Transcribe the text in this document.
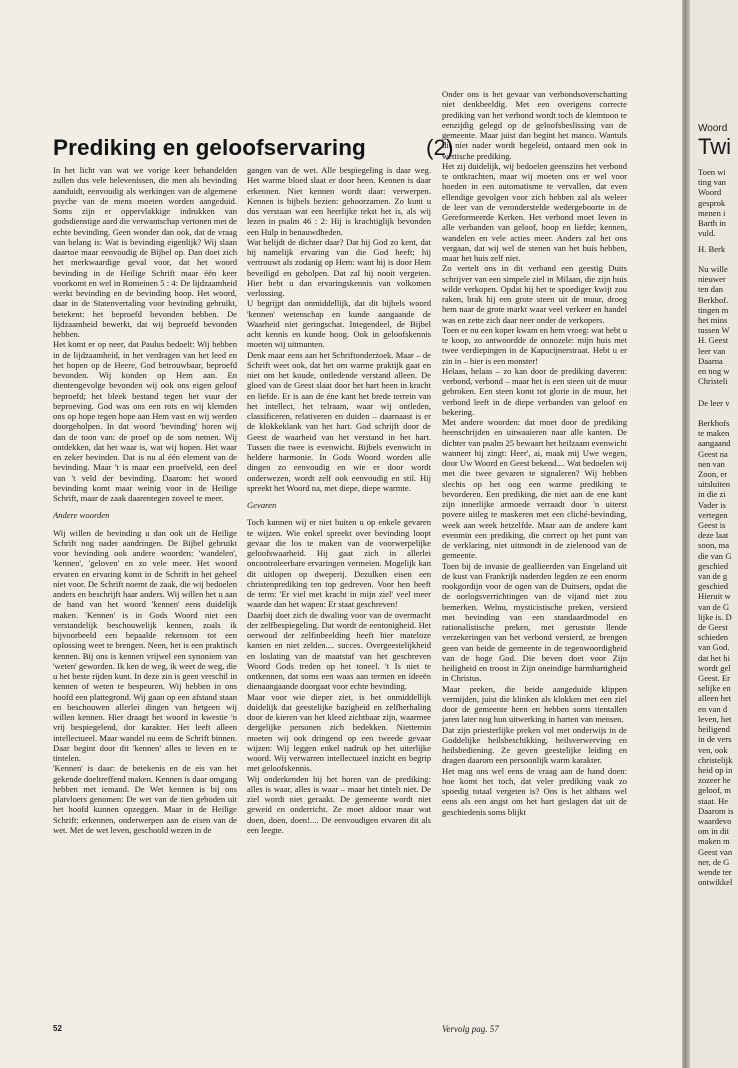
Prediking en geloofservaring	(2)

In het licht van wat we vorige keer behandelden zullen dus vele belevenissen, die men als bevinding aanduidt, eenvoudig als werkingen van de algemene psyche van de mens moeten worden aangeduid. Soms zijn er oppervlakkige indrukken van godsdienstige aard die verwantschap vertonen met de echte bevinding. Geen wonder dan ook, dat de vraag van belang is: Wat is bevinding eigenlijk? Wij slaan daartoe maar eenvoudig de Bijbel op. Dan doet zich het merkwaardige geval voor, dat het woord bevinding in de Heilige Schrift maar één keer voorkomt en wel in Romeinen 5 : 4: De lijdzaamheid werkt bevinding en de bevinding hoop. Het woord, daar in de Statenvertaling voor bevinding gebruikt, betekent: het beproefd bevonden hebben. De lijdzaamheid bewerkt, dat wij beproefd bevonden hebben.

Het komt er op neer, dat Paulus bedoelt: Wij hebben in de lijdzaamheid, in het verdragen van het leed en het hopen op de Heere, God betrouwbaar, beproefd bevonden. Wij konden op Hem aan. En dientengevolge bevonden wij ook ons eigen geloof beproefd; het bleek bestand tegen het vuur der beproeving. God was ons een rots en wij klemden ons op hope tegen hope aan Hem vast en wij werden doorgeholpen. In dat woord 'bevinding' horen wij dan de toon van: de proef op de som nemen. Wij ontdekken, dat het waar is, wat wij hopen. Het waar en zeker bevinden. Dat is nu al één element van de bevinding. Maar 't is maar een proefveld, een deel van 't veld der bevinding. Daarom: het woord bevinding komt maar weinig voor in de Heilige Schrift, maar de zaak daarentegen zoveel te meer.

Andere woorden

Wij willen de bevinding u dan ook uit de Heilige Schrift nog nader aandringen. De Bijbel gebruikt voor bevinding ook andere woorden: 'wandelen', 'kennen', 'geloven' en zo vele meer. Het woord ervaren en ervaring komt in de Schrift in het geheel niet voor. De Schrift noemt de zaak, die wij bedoelen anders en beschrijft haar anders. Wij willen het u aan de hand van het woord 'kennen' eens duidelijk maken. 'Kennen' is in Gods Woord niet een verstandelijk beschouwelijk kennen, zoals ik bijvoorbeeld een bepaalde rekensom tot een oplossing weet te brengen. Neen, het is een praktisch kennen. Bij ons is kennen vrijwel een synoniem van 'weten' geworden. Ik ken de weg, ik weet de weg, die u het beste rijden kunt. In deze zin is geen verschil in kennen of weten te bespeuren. Wij hebben in ons hoofd een plattegrond. Wij gaan op een afstand staan en beschouwen allerlei dingen van hetgeen wij willen kennen. Hier draagt het woord in kwestie 'n vrij bespiegelend, dor karakter. Het leeft alleen intellectueel. Maar wandel nu eens de Schrift binnen. Daar begint door dit 'kennen' alles te leven en te tintelen.

'Kennen' is daar: de betekenis en de eis van het gekende doeltreffend maken. Kennen is daar omgang hebben met iemand. De Wet kennen is bij ons platvloers genomen: De wet van de tien geboden uit het hoofd kunnen opzeggen. Maar in de Heilige Schrift: erkennen, onderwerpen aan de eisen van de wet. Met de wet leven, geschoold wezen in de

gangen van de wet. Alle bespiegeling is daar weg. Het warme bloed slaat er door heen. Kennen is daar erkennen. Niet kennen wordt daar: verwerpen. Kennen is bijbels bezien: gehoorzamen. Zo kunt u dus verstaan wat een heerlijke tekst het is, als wij lezen in psalm 46 : 2: Hij is krachtiglijk bevonden een Hulp in benauwdheden.

Wat belijdt de dichter daar? Dat hij God zo kent, dat hij namelijk ervaring van die God heeft; hij vertrouwt als zodanig op Hem: want hij is door Hem beveiligd en geholpen. Dat zal hij nooit vergeten. Hier hebt u dan ervaringskennis van volkomen verlossing.

U begrijpt dan onmiddellijk, dat dit bijbels woord 'kennen' wetenschap en kunde aangaande de Waarheid niet geringschat. Integendeel, de Bijbel acht kennis en kunde hoog. Ook in geloofskennis moeten wij uitmunten.

Denk maar eens aan het Schriftonderzoek. Maar – de Schrift weet ook, dat het om warme praktijk gaat en niet om het koude, ontledende verstand alleen. De gloed van de Geest slaat door het hart heen in kracht en liefde. Er is aan de éne kant het brede terrein van het intellect, het telraam, waar wij ontleden, classificeren, relativeren en duiden – daarnaast is er de klokkeklank van het hart. God schrijft door de Geest de waarheid van het verstand in het hart. Tussen die twee is evenwicht. Bijbels evenwicht in heldere harmonie. In Gods Woord worden alle dingen zo eenvoudig en wie er door wordt onderwezen, wordt zelf ook eenvoudig en stil. Hij spreekt het Woord na, met diepe, diepe warmte.

Gevaren

Toch kunnen wij er niet buiten u op enkele gevaren te wijzen. Wie enkel spreekt over bevinding loopt gevaar die los te maken van de voorwerpelijke geloofswaarheid. Hij gaat zich in allerlei oncontroleerbare ervaringen vermeien. Mogelijk kan dit uitlopen op dweperij. Dezulken eisen een christenprediking ten top gedreven. Voor hen heeft de term: 'Er viel met kracht in mijn ziel' veel meer waarde dan het wapen: Er staat geschreven!

Daarbij doet zich de dwaling voor van de overmacht der zelfbespiegeling. Dat wordt de eentonigheid. Het oerwoud der zelfinbeelding heeft hier mateloze kansen en niet zelden.... succes. Overgeestelijkheid en loslating van de maatstaf van het geschreven Woord Gods treden op het toneel. 't Is niet te ontkennen, dat soms een waas aan termen en ideeën dienaangaande doorgaat voor echte bevinding.

Maar voor wie dieper ziet, is het onmiddellijk duidelijk dat geestelijke bazigheid en zelfherhaling door de kieren van het kleed zichtbaar zijn, waarmee dergelijke personen zich bedekken. Niettemin moeten wij ook dringend op een tweede gevaar wijzen: Wij leggen enkel nadruk op het uiterlijke woord. Wij verwarren intellectueel inzicht en begrip met geloofskennis.

Wij onderkenden bij het horen van de prediking: alles is waar, alles is waar – maar het tintelt niet. De ziel wordt niet geraakt. De gemeente wordt niet geweid en onderricht. Ze moet aldoor maar wat doen, doen, doen!.... De eenvoudigen ervaren dit als een leegte.

Onder ons is het gevaar van verbondsoverschatting niet denkbeeldig. Met een overigens correcte prediking van het verbond wordt toch de klemtoon te eenzijdig gelegd op de geloofsbeslissing van de gemeente. Maar juist dan begint het manco. Wantuls dit niet nader wordt begeleid, ontaard men ook in wettische prediking.

Het zij duidelijk, wij bedoelen geenszins het verbond te ontkrachten, maar wij moeten ons er wel voor hoeden in een automatisme te vervallen, dat even ellendige gevolgen voor zich hebben zal als weleer de leer van de veronderstelde wedergeboorte in de Gereformeerde Kerken. Het verbond moet leven in alle verbanden van geloof, hoop en liefde; kennen, wandelen en vele acties meer. Anders zal het ons vergaan, dat wij wel de stenen van het huis hebben, maar het huis zelf niet.

Zo vertelt ons in dit verband een geestig Duits schrijver van een simpele ziel in Milaan, die zijn huis wilde verkopen. Opdat hij het te spoediger kwijt zou raken, brak hij een grote steen uit de muur, droeg hem naar de grote markt waar veel verkeer en handel was en zette zich daar neer onder de verkopers.

Toen er nu een koper kwam en hem vroeg: wat hebt u te koop, zo antwoordde de onnozele: mijn huis met twee verdiepingen in de Kapucijnerstraat. Hebt u er zin in – hier is een monster!

Helaas, helaas – zo kan door de prediking daveren: verbond, verbond – maar het is een steen uit de muur gebroken. Een steen komt tot glorie in de muur, het verbond leeft in de diepe verbanden van geloof en bekering.

Met andere woorden: dat moet door de prediking heenschrijden en uitwaaieren naar alle kanten. De dichter van psalm 25 bewaart het heilzaam evenwicht wanneer hij zingt: Heer', ai, maak mij Uwe wegen, door Uw Woord en Geest bekend.... Wat bedoelen wij met die twee gevaren te signaleren? Wij hebben slechts op het oog een warme prediking te bevorderen. Een prediking, die niet aan de ene kant zijn innerlijke armoede verraadt door 'n uiterst povere uitleg te maskeren met een cliché-bevinding, week aan week hetzelfde. Maar aan de andere kant evenmin een prediking, die correct op het punt van de verklaring, niet uitmondt in de zielenood van de gemeente.

Toen bij de invasie de geallieerden van Engeland uit de kust van Frankrijk naderden legden ze een enorm rookgordijn voor de ogen van de Duitsers, opdat die de oorlogsverrichtingen van de vijand niet zou bemerken. Welnu, mysticistische preken, versierd met bevinding van een standaardmodel en rationalistische preken, met gerustste llende verzekeringen van het verbond versierd, ze brengen geen van beide de gemeente in de tegenwoordigheid van de hoge God. Die beven doet voor Zijn heiligheid en troost in Zijn oneindige barmhartigheid in Christus.

Maar preken, die beide aangeduide klippen vermijden, juist die klinken als klokken met een ziel door de gemeente heen en hebben soms tientallen jaren later nog hun uitwerking in harten van mensen.

Dat zijn priesterlijke preken vol met onderwijs in de Goddelijke heilsbeschikking, heilsverwerving en heilsbediening. Ze geven geestelijke leiding en dragen daarom een persoonlijk warm karakter.

Het mag ons wel eens de vraag aan de hand doen: hoe komt het toch, dat veler prediking vaak zo spoedig totaal vergeten is? Ons is het althans wel eens als een angst om het hart geslagen dat uit de geschiedenis soms blijkt

52	Vervolg pag. 57
Woord
Twi
Toen wi
ting van
Woord
gesprok
menen i
Barth in
vuld.
H. Berk
Nu wille
nieuwer
ten dan
Berkhof.
tingen m
het mins
tussen W
H. Geest
leer van
Daarna
en nog w
Christeli
De leer v
Berkhofs
te maken
aangaand
Geest na
nen van
Zoon, er
uitsluiten
in die zi
Vader is
vertegen
Geest is
deze laat
soon, ma
die van G
geschied
van de g
geschied
Hieruit w
van de G
lijke is. D
de Geest
schieden
van God.
dat het hi
wordt gel
Geest. Er
selijke en
alleen het
en van d
leven, het
heiligend
in de vers
ven, ook
christelijk
heid op in
zozeer he
geloof, m
staat. He
Daarom is
waardevo
om in dit
maken m
Geest van
ner, de G
wende ter
ontwikkel
